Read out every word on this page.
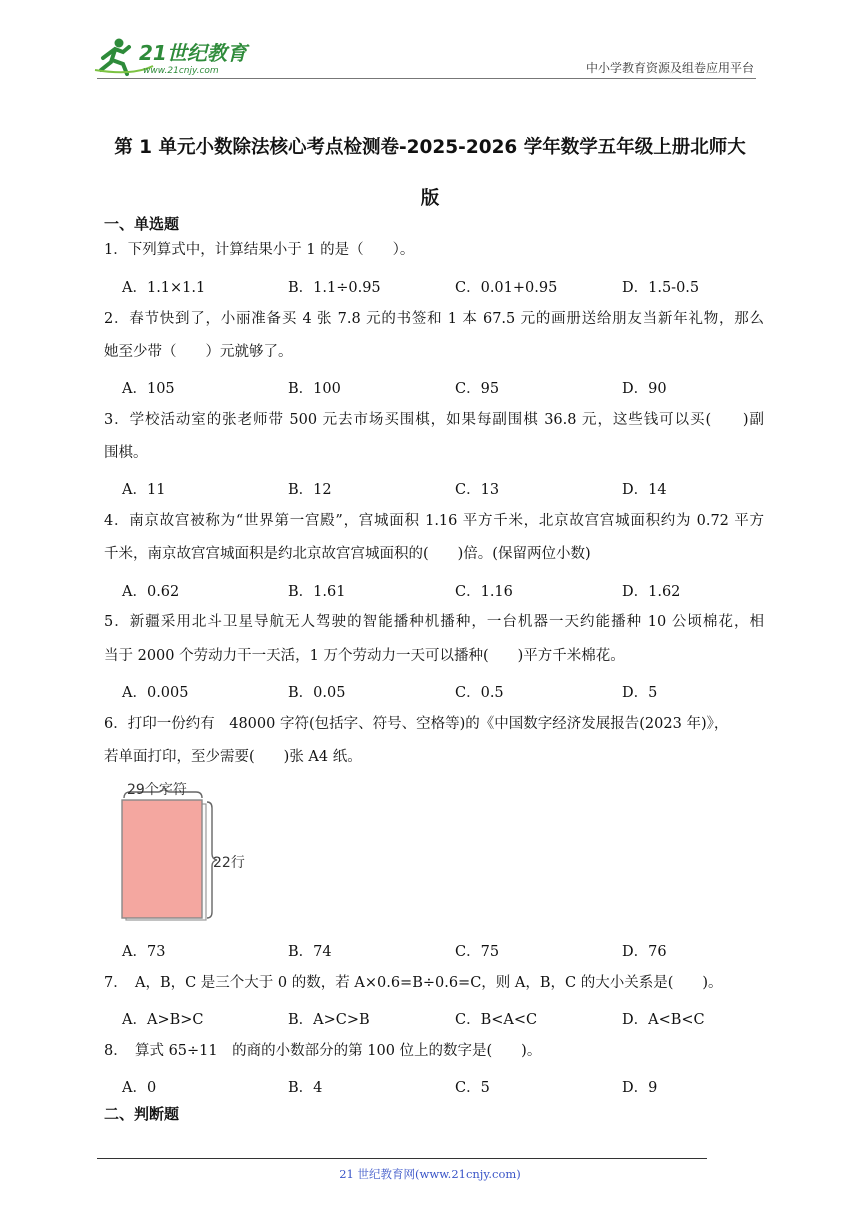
21世纪教育
www.21cnjy.com	中小学教育资源及组卷应用平台
第 1 单元小数除法核心考点检测卷-2025-2026 学年数学五年级上册北师大
版
一、单选题
1．下列算式中，计算结果小于 1 的是（　　）。
A．1.1×1.1	B．1.1÷0.95	C．0.01+0.95	D．1.5-0.5
2．春节快到了，小丽准备买 4 张 7.8 元的书签和 1 本 67.5 元的画册送给朋友当新年礼物，那么
她至少带（　　）元就够了。
A．105	B．100	C．95	D．90
3．学校活动室的张老师带 500 元去市场买围棋，如果每副围棋 36.8 元，这些钱可以买(　　)副
围棋。
A．11	B．12	C．13	D．14
4．南京故宫被称为“世界第一宫殿”，宫城面积 1.16 平方千米，北京故宫宫城面积约为 0.72 平方
千米，南京故宫宫城面积是约北京故宫宫城面积的(　　)倍。(保留两位小数)
A．0.62	B．1.61	C．1.16	D．1.62
5．新疆采用北斗卫星导航无人驾驶的智能播种机播种，一台机器一天约能播种 10 公顷棉花，相
当于 2000 个劳动力干一天活，1 万个劳动力一天可以播种(　　)平方千米棉花。
A．0.005	B．0.05	C．0.5	D．5
6．打印一份约有　48000 字符(包括字、符号、空格等)的《中国数字经济发展报告(2023 年)》，
若单面打印，至少需要(　　)张 A4 纸。
29个字符
22行
A．73	B．74	C．75	D．76
7．　A，B，C 是三个大于 0 的数，若 A×0.6=B÷0.6=C，则 A，B，C 的大小关系是(　　)。
A．A>B>C	B．A>C>B	C．B<A<C	D．A<B<C
8．　算式 65÷11　的商的小数部分的第 100 位上的数字是(　　)。
A．0	B．4	C．5	D．9
二、判断题
21 世纪教育网(www.21cnjy.com)
